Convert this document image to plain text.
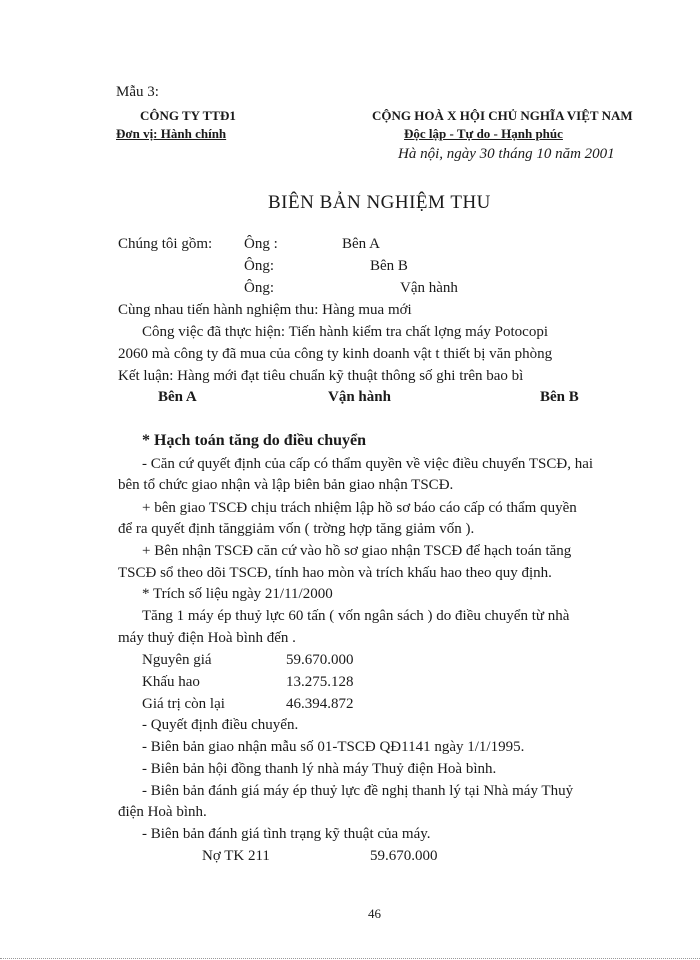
Mẫu 3:
CÔNG TY TTĐ1
Đơn vị: Hành chính
CỘNG HOÀ X HỘI CHỦ NGHĨA VIỆT NAM
Độc lập - Tự do - Hạnh phúc
Hà nội, ngày 30 tháng 10 năm 2001
BIÊN BẢN NGHIỆM THU
Chúng tôi gồm: Ông :	Bên A
Ông:	Bên B
Ông:	Vận hành
Cùng nhau tiến hành nghiệm thu: Hàng mua mới
Công việc đã thực hiện: Tiến hành kiểm tra chất lợng máy Potocopi
2060 mà công ty đã mua của công ty kinh doanh vật t thiết bị văn phòng
Kết luận: Hàng mới đạt tiêu chuẩn kỹ thuật thông số ghi trên bao bì
Bên A	Vận hành	Bên B
* Hạch toán tăng do điều chuyển
- Căn cứ quyết định của cấp có thẩm quyền về việc điều chuyển TSCĐ, hai
bên tổ chức giao nhận và lập biên bản giao nhận TSCĐ.
+ bên giao TSCĐ chịu trách nhiệm lập hồ sơ báo cáo cấp có thẩm quyền
để ra quyết định tănggiảm vốn ( trờng hợp tăng giảm vốn ).
+ Bên nhận TSCĐ căn cứ vào hồ sơ giao nhận TSCĐ để hạch toán tăng
TSCĐ sổ theo dõi TSCĐ, tính hao mòn và trích khấu hao theo quy định.
* Trích số liệu ngày 21/11/2000
Tăng 1 máy ép thuỷ lực 60 tấn ( vốn ngân sách ) do điều chuyển từ nhà
máy thuỷ điện Hoà bình đến .
Nguyên giá	59.670.000
Khấu hao	13.275.128
Giá trị còn lại	46.394.872
- Quyết định điều chuyển.
- Biên bản giao nhận mẫu số 01-TSCĐ QĐ1141 ngày 1/1/1995.
- Biên bản hội đồng thanh lý nhà máy Thuỷ điện Hoà bình.
- Biên bản đánh giá máy ép thuỷ lực đề nghị thanh lý tại Nhà máy Thuỷ
điện Hoà bình.
- Biên bản đánh giá tình trạng kỹ thuật của máy.
Nợ TK 211	59.670.000
46
